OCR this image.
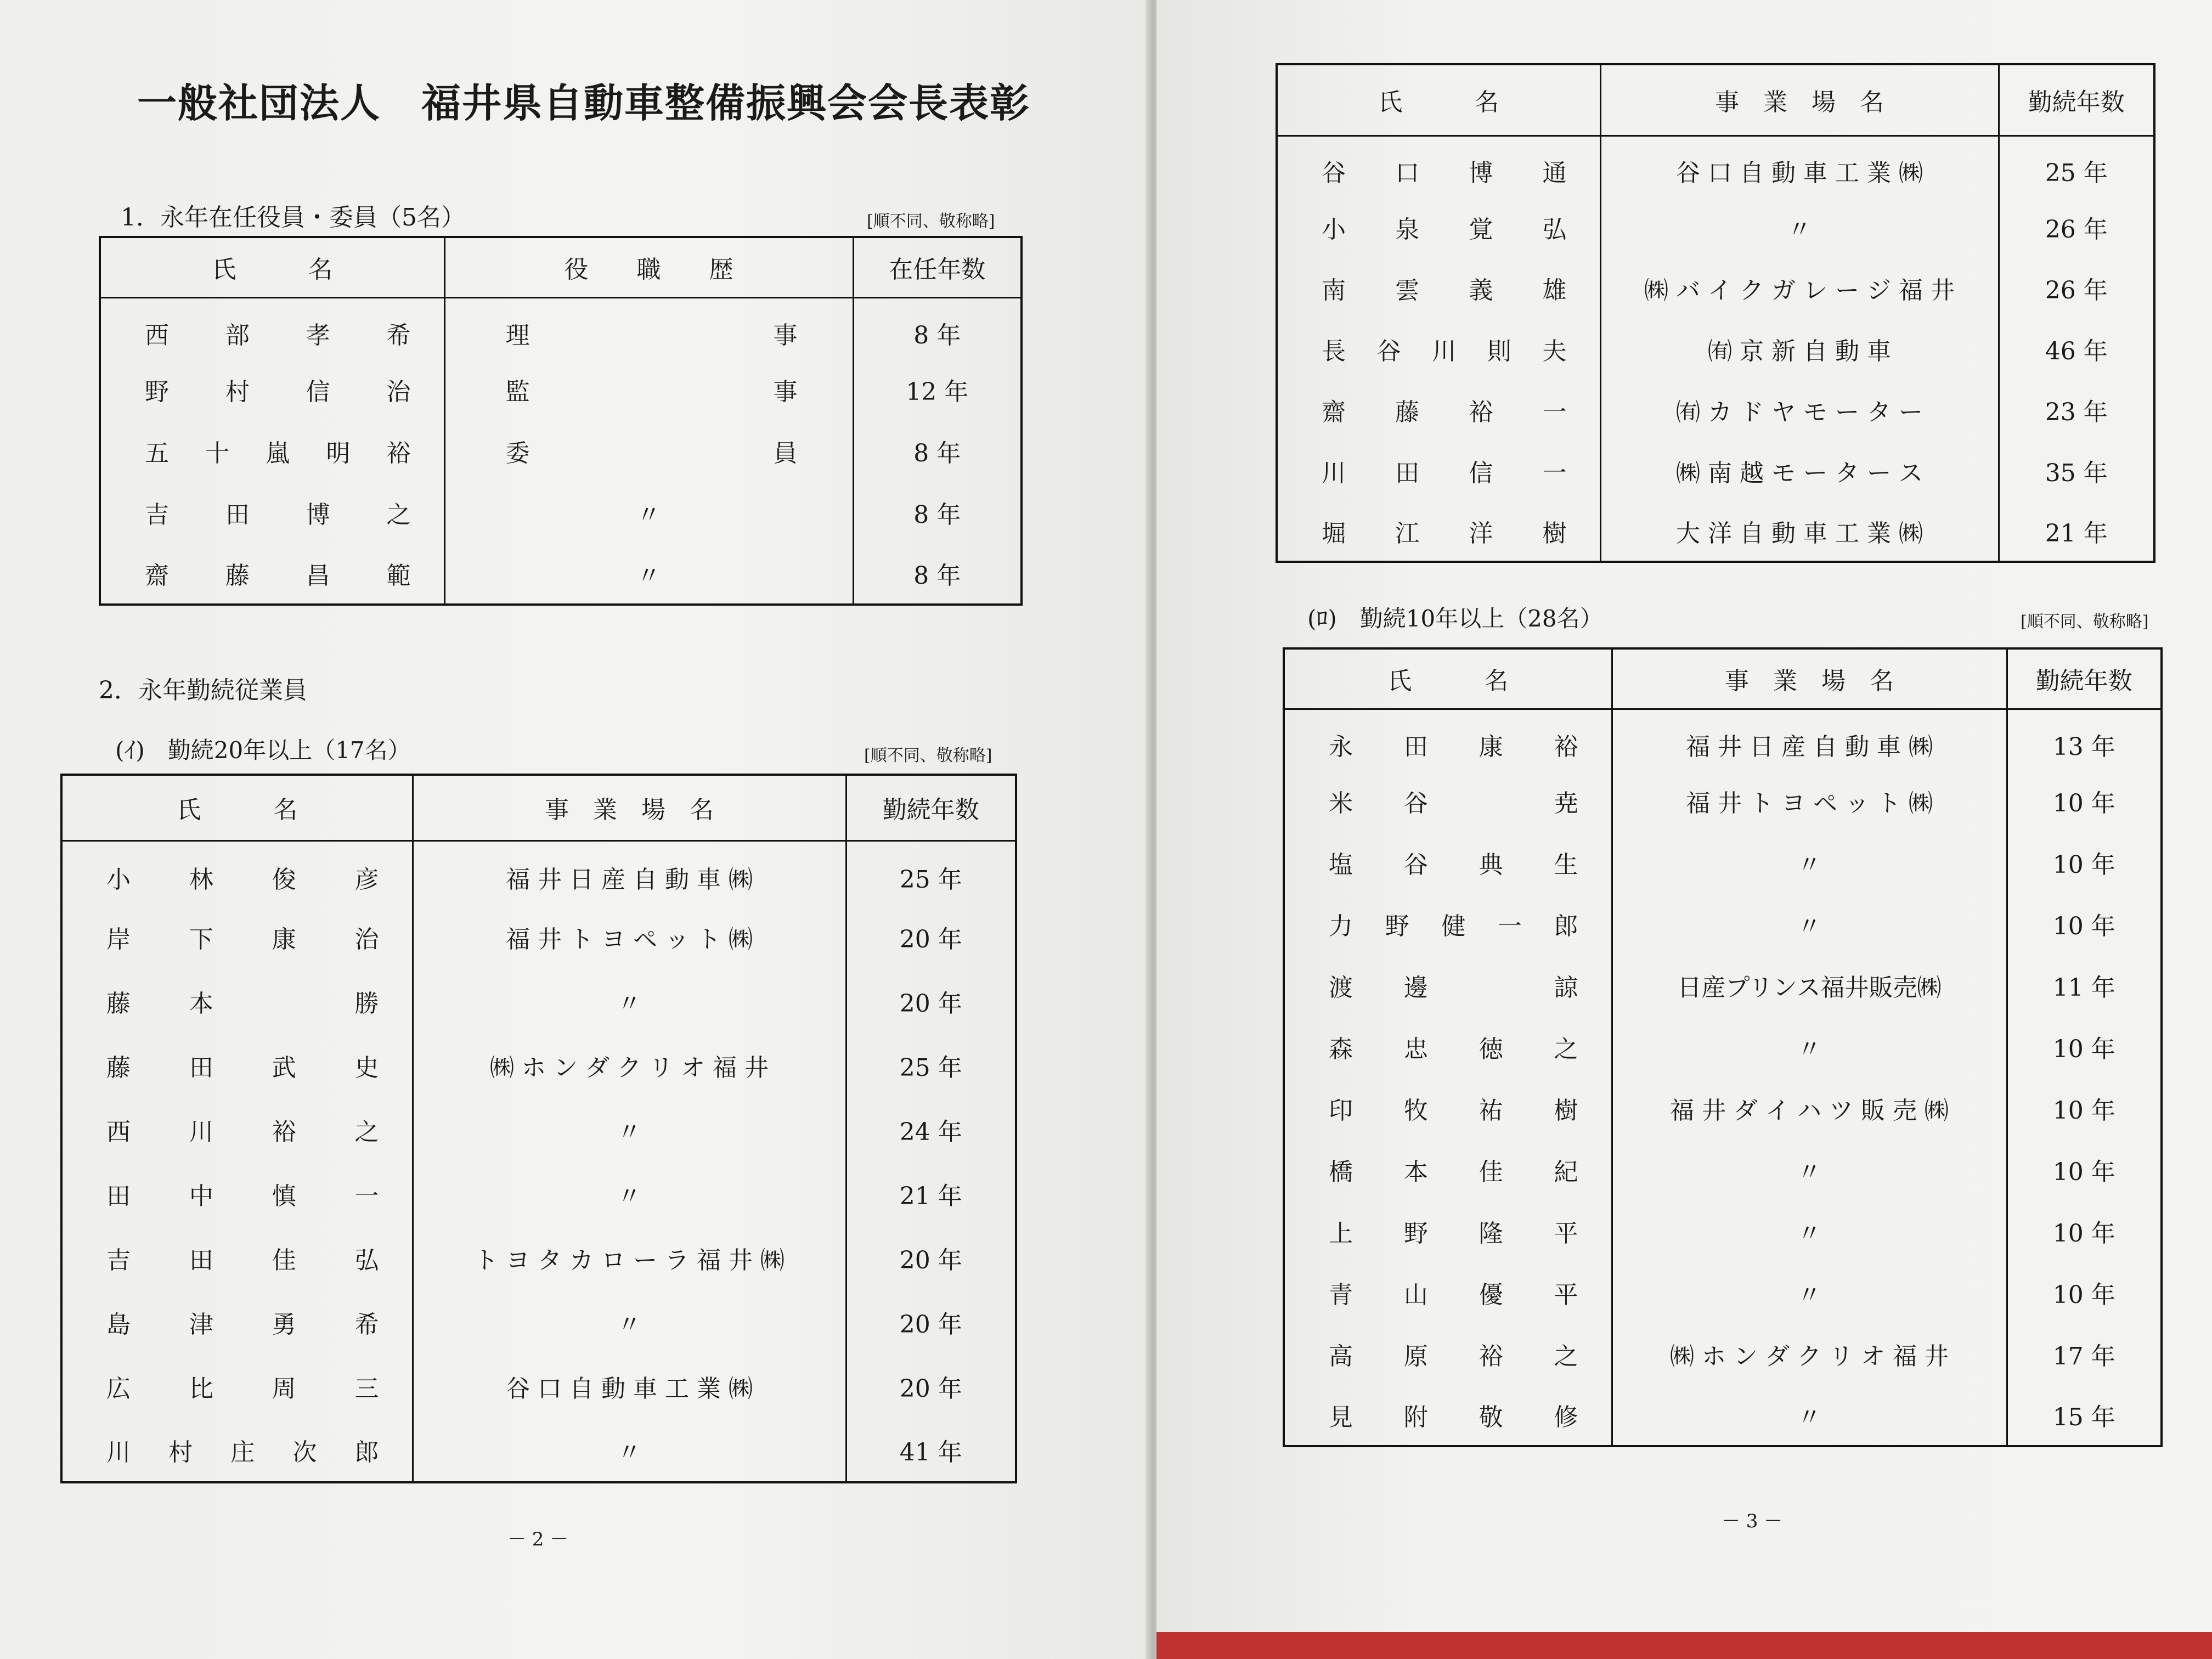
一般社団法人　福井県自動車整備振興会会長表彰
1．永年在任役員・委員（5名）	[順不同、敬称略]
氏　　　名	役　　職　　歴	在任年数
西部孝希	理事	8 年
野村信治	監事	12 年
五十嵐明裕	委員	8 年
吉田博之	〃	8 年
齋藤昌範	〃	8 年
2．永年勤続従業員
(ｲ)　勤続20年以上（17名）	[順不同、敬称略]
氏　　　名	事　業　場　名	勤続年数
小林俊彦	福 井 日 産 自 動 車 ㈱	25 年
岸下康治	福 井 ト ヨ ペ ッ ト ㈱	20 年
藤本　勝	〃	20 年
藤田武史	㈱ ホ ン ダ ク リ オ 福 井	25 年
西川裕之	〃	24 年
田中慎一	〃	21 年
吉田佳弘	ト ヨ タ カ ロ ー ラ 福 井 ㈱	20 年
島津勇希	〃	20 年
広比周三	谷 口 自 動 車 工 業 ㈱	20 年
川村庄次郎	〃	41 年
－ 2 －
氏　　　名	事　業　場　名	勤続年数
谷口博通	谷 口 自 動 車 工 業 ㈱	25 年
小泉覚弘	〃	26 年
南雲義雄	㈱ バ イ ク ガ レ ー ジ 福 井	26 年
長谷川則夫	㈲ 京 新 自 動 車	46 年
齋藤裕一	㈲ カ ド ヤ モ ー タ ー	23 年
川田信一	㈱ 南 越 モ ー タ ー ス	35 年
堀江洋樹	大 洋 自 動 車 工 業 ㈱	21 年
(ﾛ)　勤続10年以上（28名）	[順不同、敬称略]
氏　　　名	事　業　場　名	勤続年数
永田康裕	福 井 日 産 自 動 車 ㈱	13 年
米谷　尭	福 井 ト ヨ ペ ッ ト ㈱	10 年
塩谷典生	〃	10 年
力野健一郎	〃	10 年
渡邊　諒	日産プリンス福井販売㈱	11 年
森忠徳之	〃	10 年
印牧祐樹	福 井 ダ イ ハ ツ 販 売 ㈱	10 年
橋本佳紀	〃	10 年
上野隆平	〃	10 年
青山優平	〃	10 年
高原裕之	㈱ ホ ン ダ ク リ オ 福 井	17 年
見附敬修	〃	15 年
－ 3 －
